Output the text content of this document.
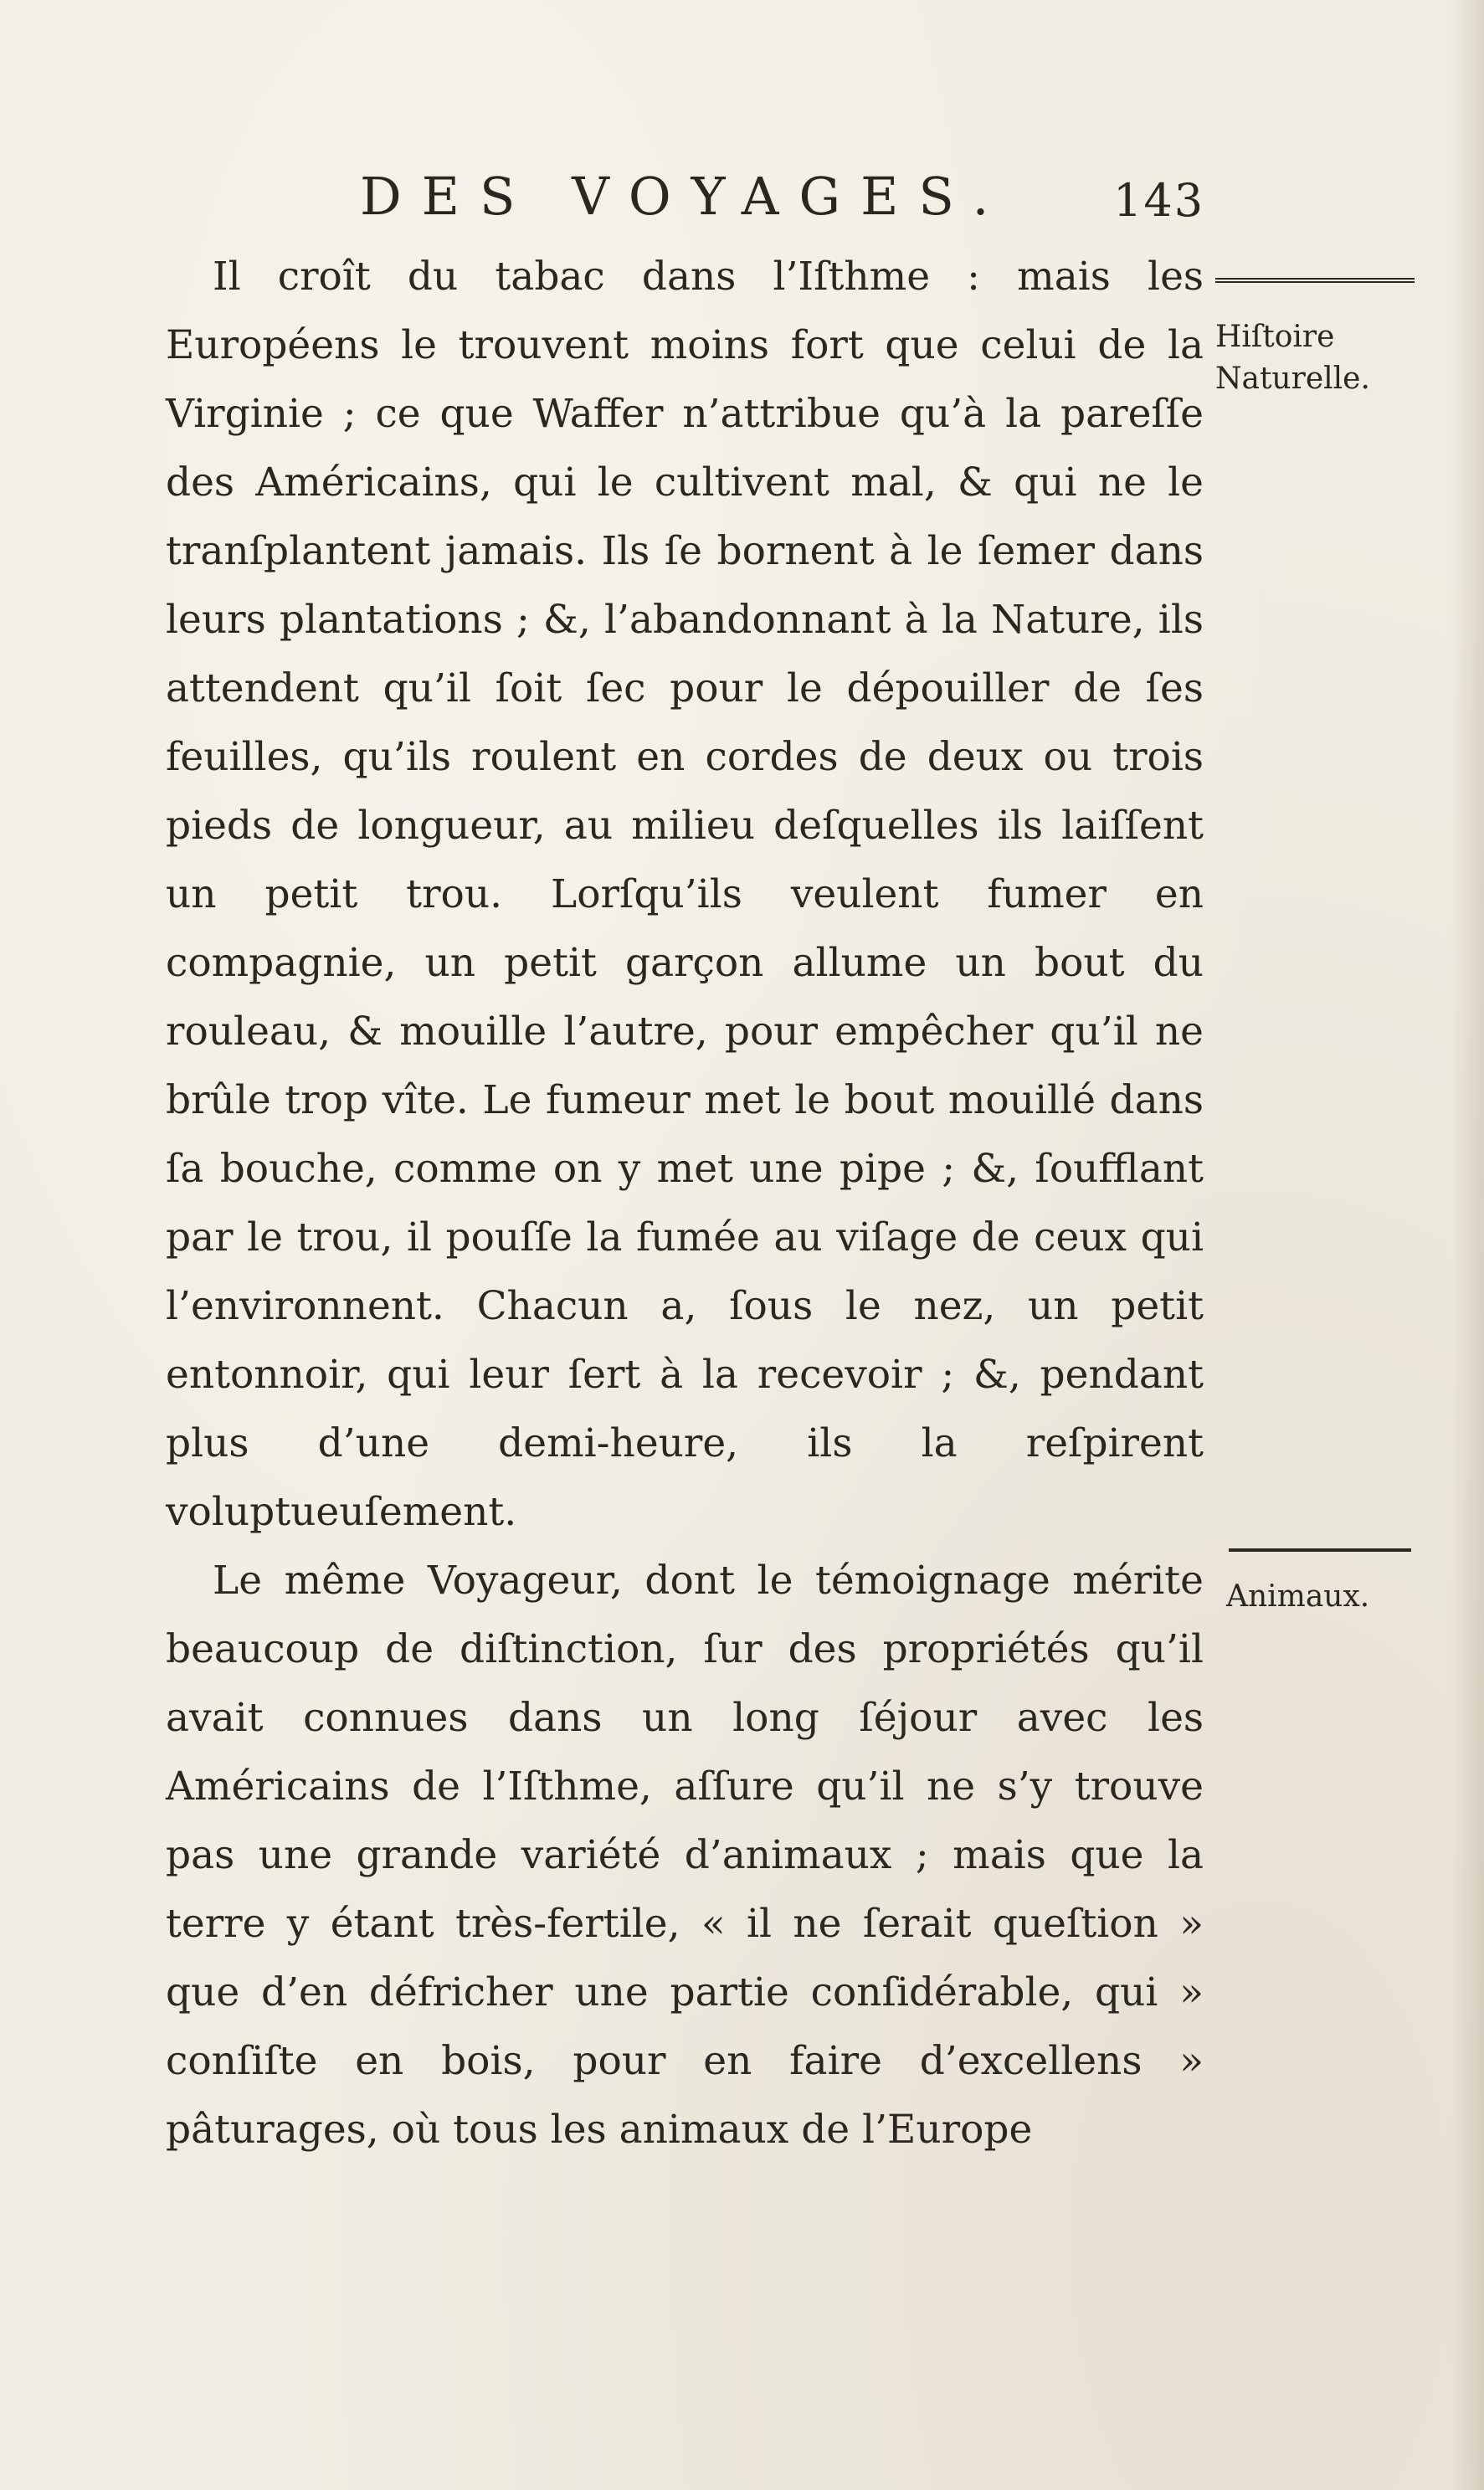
DES VOYAGES. 143
Hiſtoire Naturelle.
Animaux.

Il croît du tabac dans l’Iſthme : mais les Européens le trouvent moins fort que celui de la Virginie ; ce que Waffer n’attribue qu’à la pareſſe des Américains, qui le cultivent mal, & qui ne le tranſplantent jamais. Ils ſe bornent à le ſemer dans leurs plantations ; &, l’abandonnant à la Nature, ils attendent qu’il ſoit ſec pour le dépouiller de ſes feuilles, qu’ils roulent en cordes de deux ou trois pieds de longueur, au milieu deſquelles ils laiſſent un petit trou. Lorſqu’ils veulent fumer en compagnie, un petit garçon allume un bout du rouleau, & mouille l’autre, pour empêcher qu’il ne brûle trop vîte. Le fumeur met le bout mouillé dans ſa bouche, comme on y met une pipe ; &, ſoufflant par le trou, il pouſſe la fumée au viſage de ceux qui l’environnent. Chacun a, ſous le nez, un petit entonnoir, qui leur ſert à la recevoir ; &, pendant plus d’une demi-heure, ils la reſpirent voluptueuſement.

Le même Voyageur, dont le témoignage mérite beaucoup de diſtinction, ſur des propriétés qu’il avait connues dans un long ſéjour avec les Américains de l’Iſthme, aſſure qu’il ne s’y trouve pas une grande variété d’animaux ; mais que la terre y étant très-fertile, « il ne ſerait queſtion » que d’en défricher une partie conſidérable, qui » conſiſte en bois, pour en faire d’excellens » pâturages, où tous les animaux de l’Europe
